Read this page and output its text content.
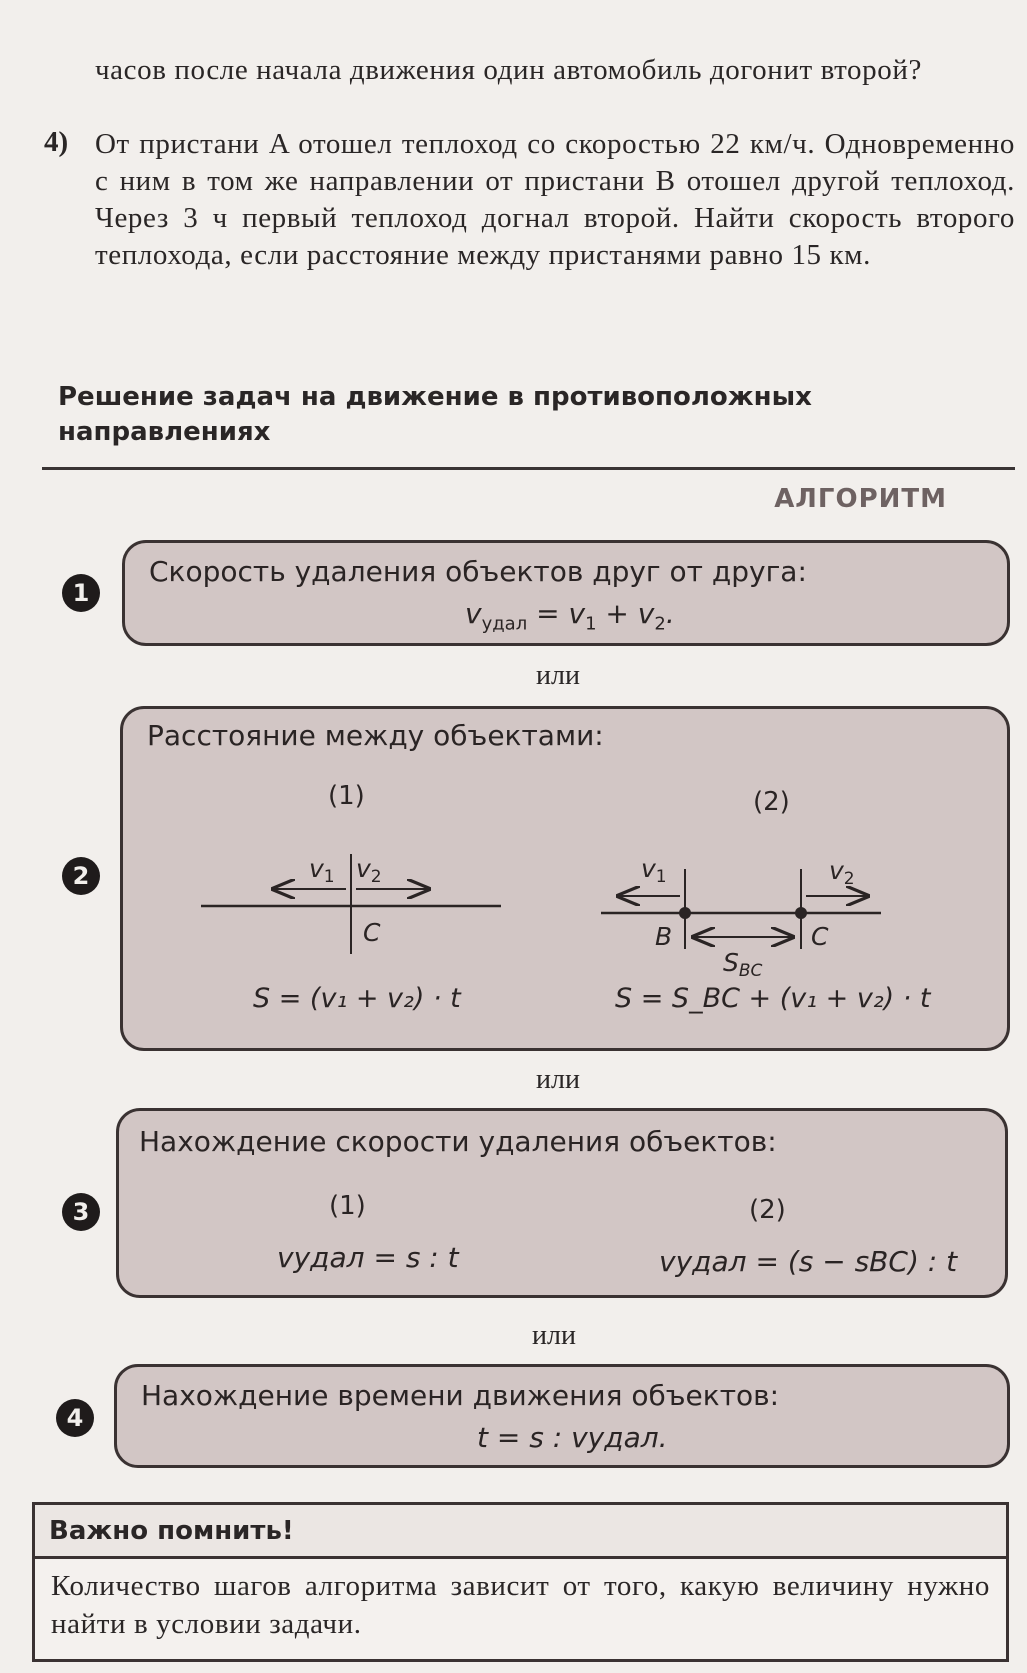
часов после начала движения один автомобиль догонит второй?
4) От пристани A отошел теплоход со скоростью 22 км/ч. Одновременно с ним в том же направлении от пристани B отошел другой теплоход. Через 3 ч первый теплоход догнал второй. Найти скорость второго теплохода, если расстояние между пристанями равно 15 км.
Решение задач на движение в противоположных направлениях
АЛГОРИТМ
1
Скорость удаления объектов друг от друга:
$v_{удал} = v_1 + v_2$.
или
2
Расстояние между объектами:
(1)	(2)
$v_1$ $v_2$
C
S = (v₁ + v₂) · t
$v_1$	$v_2$
B	C
$S_{BC}$
S = S_BC + (v₁ + v₂) · t
или
3
Нахождение скорости удаления объектов:
(1)	(2)
vудал = s : t	vудал = (s − sBC) : t
или
4
Нахождение времени движения объектов:
t = s : vудал.
Важно помнить!
Количество шагов алгоритма зависит от того, какую величину нужно найти в условии задачи.
